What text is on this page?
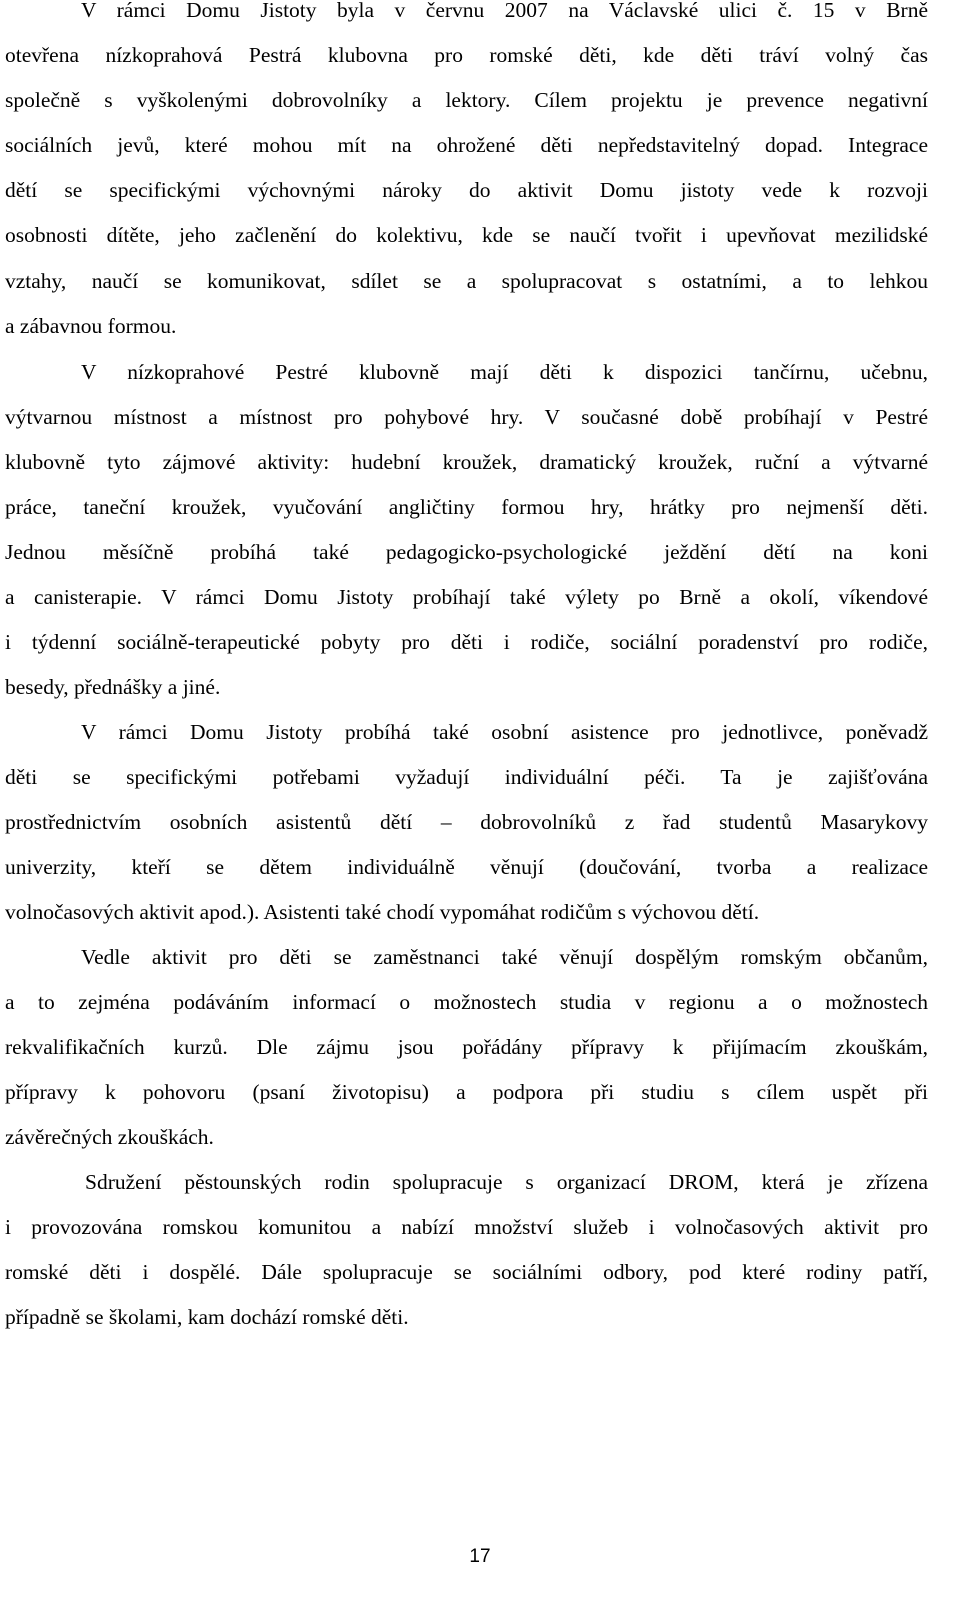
V rámci Domu Jistoty byla v červnu 2007 na Václavské ulici č. 15 v Brně
otevřena nízkoprahová Pestrá klubovna pro romské děti, kde děti tráví volný čas
společně s vyškolenými dobrovolníky a lektory. Cílem projektu je prevence negativní
sociálních jevů, které mohou mít na ohrožené děti nepředstavitelný dopad. Integrace
dětí se specifickými výchovnými nároky do aktivit Domu jistoty vede k rozvoji
osobnosti dítěte, jeho začlenění do kolektivu, kde se naučí tvořit i upevňovat mezilidské
vztahy, naučí se komunikovat, sdílet se a spolupracovat s ostatními, a to lehkou
a zábavnou formou.
V nízkoprahové Pestré klubovně mají děti k dispozici tančírnu, učebnu,
výtvarnou místnost a místnost pro pohybové hry. V současné době probíhají v Pestré
klubovně tyto zájmové aktivity: hudební kroužek, dramatický kroužek, ruční a výtvarné
práce, taneční kroužek, vyučování angličtiny formou hry, hrátky pro nejmenší děti.
Jednou měsíčně probíhá také pedagogicko-psychologické ježdění dětí na koni
a canisterapie. V rámci Domu Jistoty probíhají také výlety po Brně a okolí, víkendové
i týdenní sociálně-terapeutické pobyty pro děti i rodiče, sociální poradenství pro rodiče,
besedy, přednášky a jiné.
V rámci Domu Jistoty probíhá také osobní asistence pro jednotlivce, poněvadž
děti se specifickými potřebami vyžadují individuální péči. Ta je zajišťována
prostřednictvím osobních asistentů dětí – dobrovolníků z řad studentů Masarykovy
univerzity, kteří se dětem individuálně věnují (doučování, tvorba a realizace
volnočasových aktivit apod.). Asistenti také chodí vypomáhat rodičům s výchovou dětí.
Vedle aktivit pro děti se zaměstnanci také věnují dospělým romským občanům,
a to zejména podáváním informací o možnostech studia v regionu a o možnostech
rekvalifikačních kurzů. Dle zájmu jsou pořádány přípravy k přijímacím zkouškám,
přípravy k pohovoru (psaní životopisu) a podpora při studiu s cílem uspět při
závěrečných zkouškách.
Sdružení pěstounských rodin spolupracuje s organizací DROM, která je zřízena
i provozována romskou komunitou a nabízí množství služeb i volnočasových aktivit pro
romské děti i dospělé. Dále spolupracuje se sociálními odbory, pod které rodiny patří,
případně se školami, kam dochází romské děti.
17
